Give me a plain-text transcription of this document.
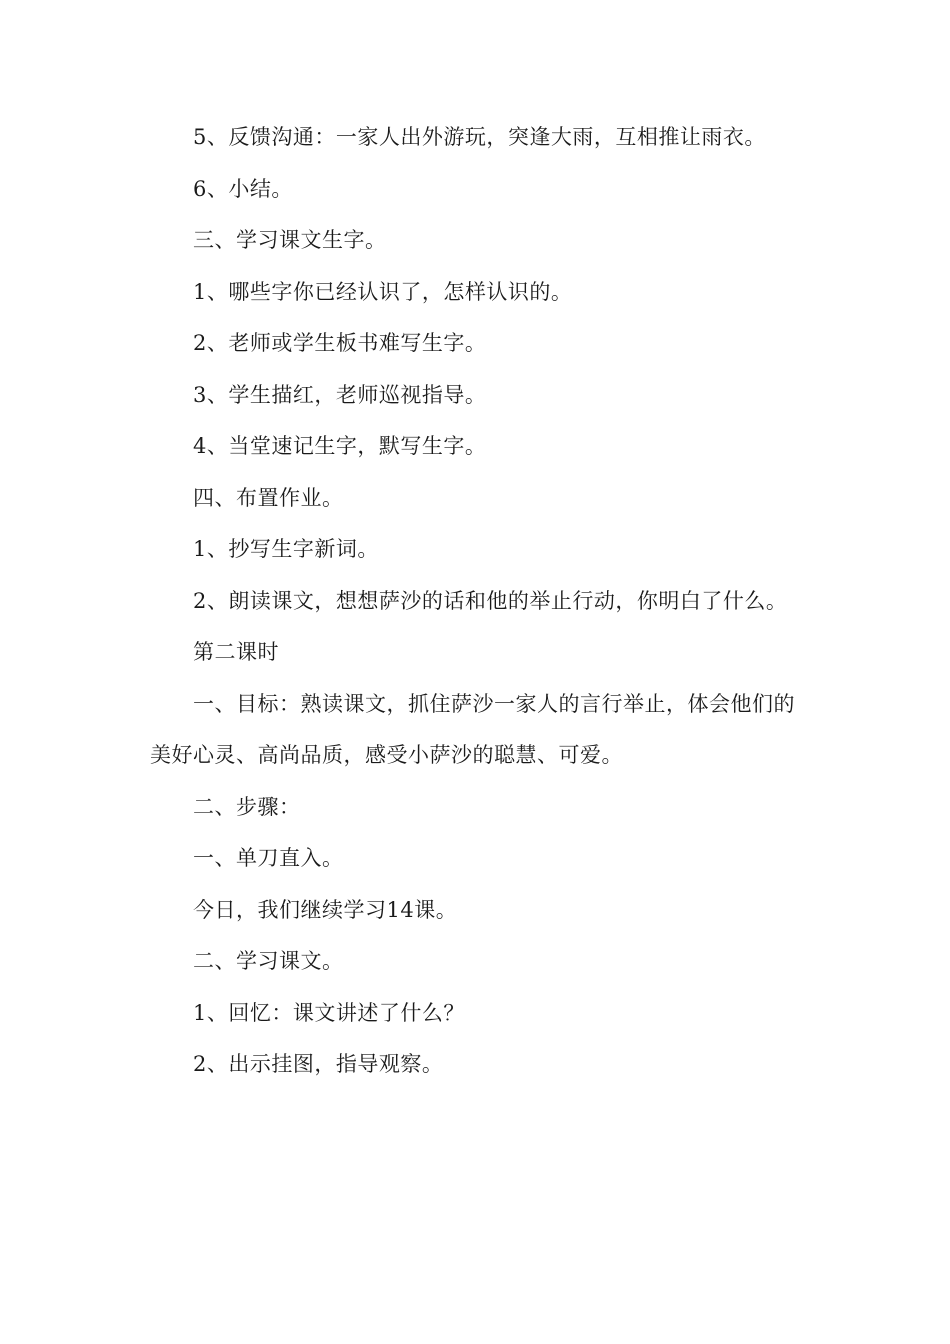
5、反馈沟通：一家人出外游玩，突逢大雨，互相推让雨衣。

6、小结。

三、学习课文生字。

1、哪些字你已经认识了，怎样认识的。

2、老师或学生板书难写生字。

3、学生描红，老师巡视指导。

4、当堂速记生字，默写生字。

四、布置作业。

1、抄写生字新词。

2、朗读课文，想想萨沙的话和他的举止行动，你明白了什么。

第二课时

一、目标：熟读课文，抓住萨沙一家人的言行举止，体会他们的美好心灵、高尚品质，感受小萨沙的聪慧、可爱。

二、步骤：

一、单刀直入。

今日，我们继续学习14课。

二、学习课文。

1、回忆：课文讲述了什么？

2、出示挂图，指导观察。
